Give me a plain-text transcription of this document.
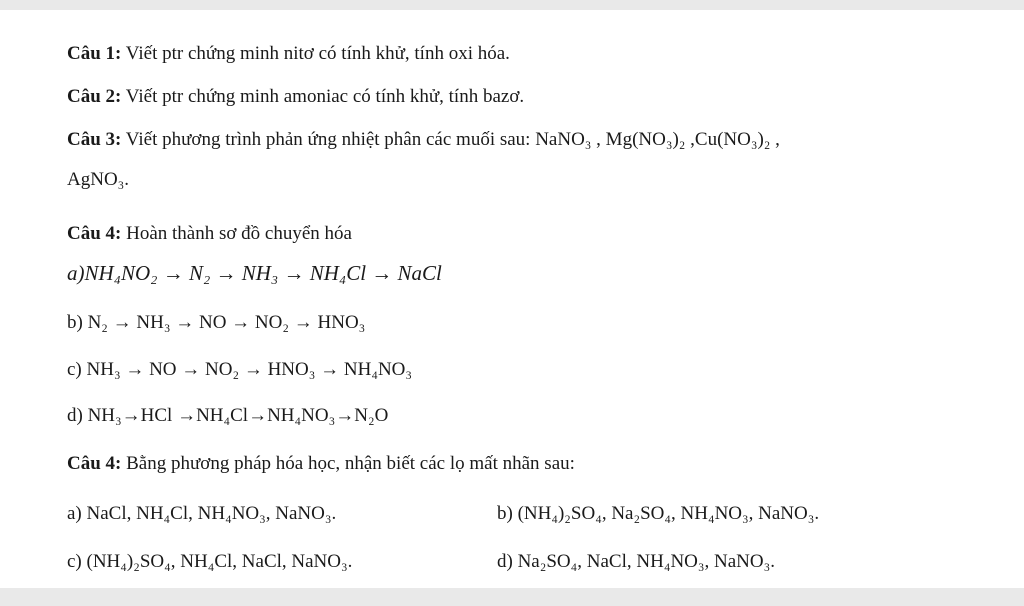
Câu 1: Viết ptr chứng minh nitơ có tính khử, tính oxi hóa.
Câu 2: Viết ptr chứng minh amoniac có tính khử, tính bazơ.
Câu 3: Viết phương trình phản ứng nhiệt phân các muối sau: NaNO₃ , Mg(NO₃)₂ ,Cu(NO₃)₂ ,
AgNO₃.
Câu 4: Hoàn thành sơ đồ chuyển hóa
a)NH₄NO₂ → N₂ → NH₃ → NH₄Cl → NaCl
b) N₂ → NH₃ → NO → NO₂ → HNO₃
c) NH₃ → NO → NO₂ → HNO₃ → NH₄NO₃
d) NH₃→HCl →NH₄Cl→NH₄NO₃→N₂O
Câu 4: Bằng phương pháp hóa học, nhận biết các lọ mất nhãn sau:
a) NaCl, NH₄Cl, NH₄NO₃, NaNO₃.	b) (NH₄)₂SO₄, Na₂SO₄, NH₄NO₃, NaNO₃.
c) (NH₄)₂SO₄, NH₄Cl, NaCl, NaNO₃.	d) Na₂SO₄, NaCl, NH₄NO₃, NaNO₃.
